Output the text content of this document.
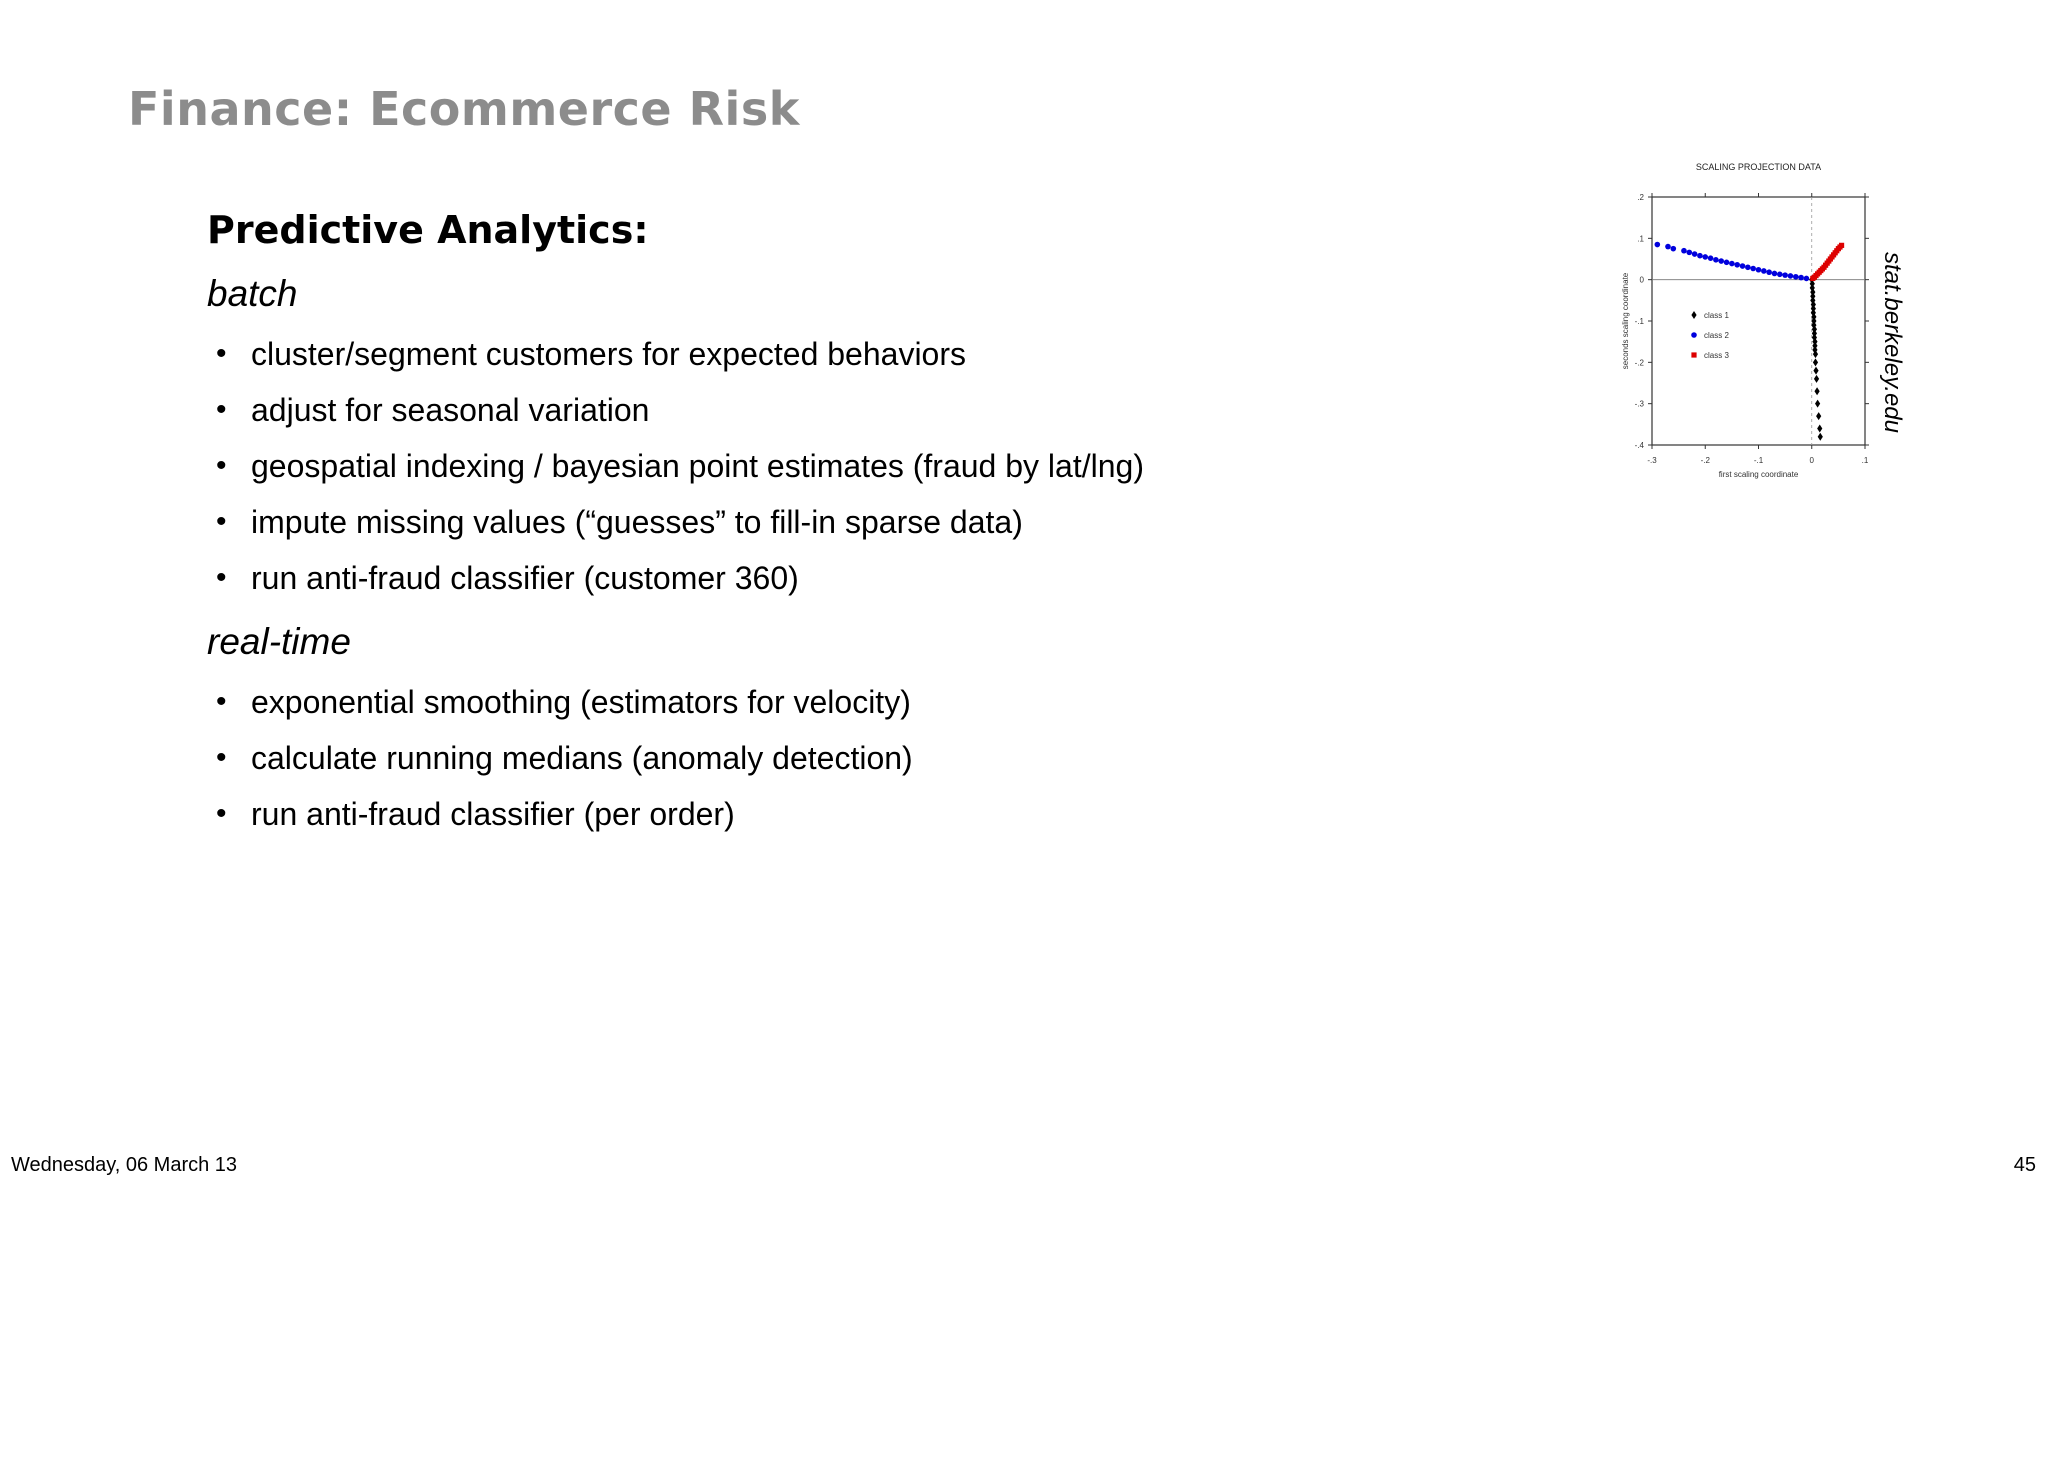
Finance: Ecommerce Risk
Predictive Analytics:

batch

• cluster/segment customers for expected behaviors
• adjust for seasonal variation
• geospatial indexing / bayesian point estimates (fraud by lat/lng)
• impute missing values (“guesses” to fill-in sparse data)
• run anti-fraud classifier (customer 360)

real-time

• exponential smoothing (estimators for velocity)
• calculate running medians (anomaly detection)
• run anti-fraud classifier (per order)
SCALING PROJECTION DATA
-.3	-.2	-.1	0	.1
.2
.1
0
-.1
-.2
-.3
-.4
first scaling coordinate
seconds scaling coordinate	class 1
class 2
class 3	stat.berkeley.edu
Wednesday, 06 March 13	45
